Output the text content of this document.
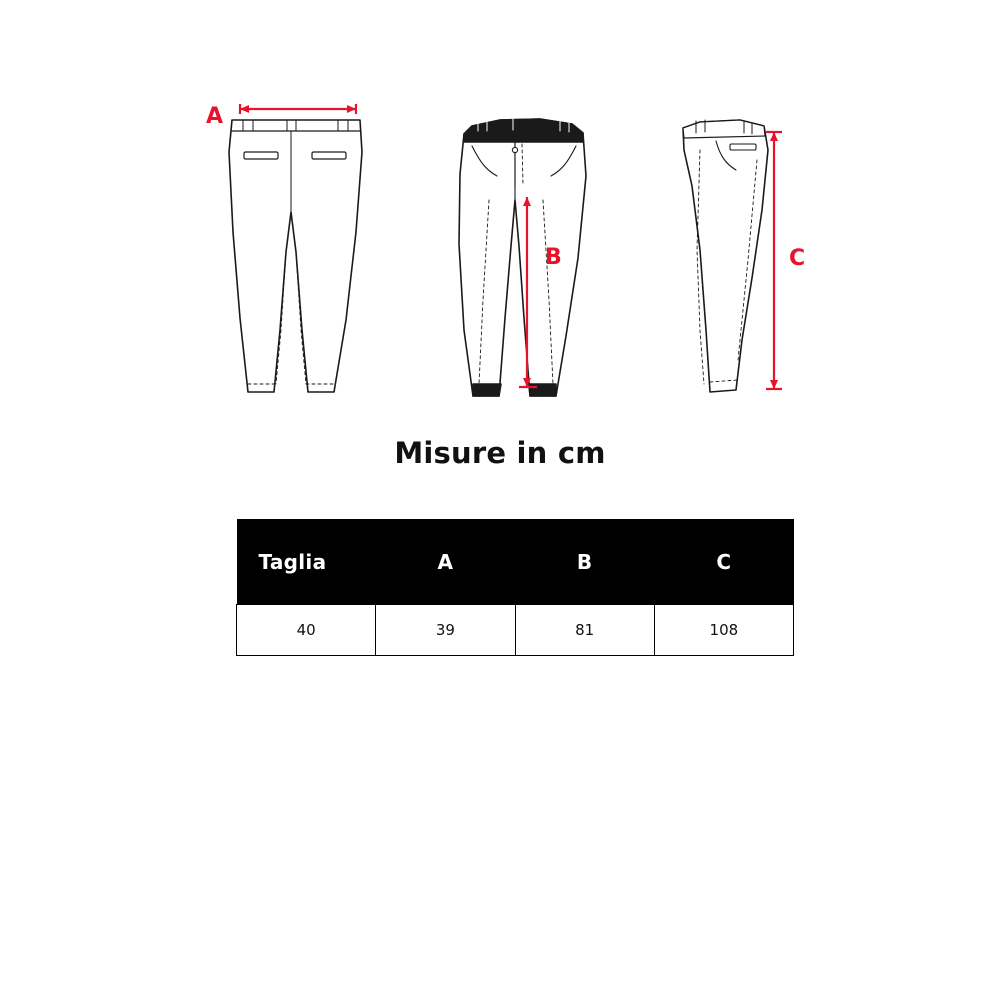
A
B	C
Misure in cm
Taglia	A	B	C
40	39	81	108
